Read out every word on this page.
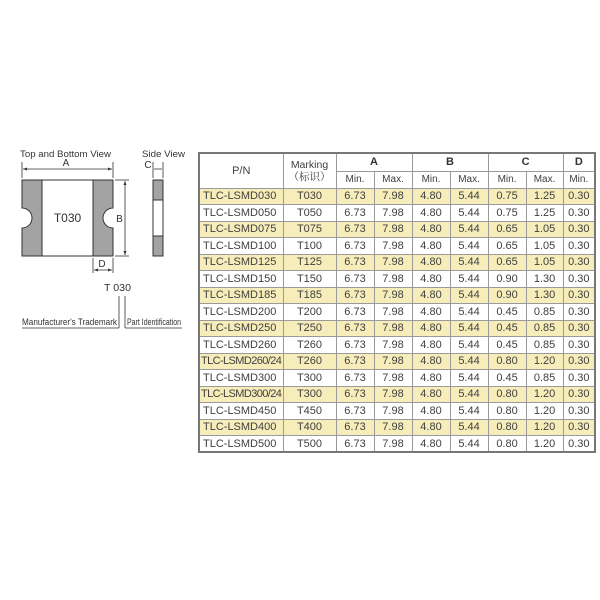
Top and Bottom View	Side View
A
T030	B
D
C
T 030
Manufacturer's Trademark Part Identification
P/N	Marking
（标识）	A		B		C		D
		Min.	Max.	Min.	Max.	Min.	Max.	Min.
TLC-LSMD030	T030	6.73	7.98	4.80	5.44	0.75	1.25	0.30
TLC-LSMD050	T050	6.73	7.98	4.80	5.44	0.75	1.25	0.30
TLC-LSMD075	T075	6.73	7.98	4.80	5.44	0.65	1.05	0.30
TLC-LSMD100	T100	6.73	7.98	4.80	5.44	0.65	1.05	0.30
TLC-LSMD125	T125	6.73	7.98	4.80	5.44	0.65	1.05	0.30
TLC-LSMD150	T150	6.73	7.98	4.80	5.44	0.90	1.30	0.30
TLC-LSMD185	T185	6.73	7.98	4.80	5.44	0.90	1.30	0.30
TLC-LSMD200	T200	6.73	7.98	4.80	5.44	0.45	0.85	0.30
TLC-LSMD250	T250	6.73	7.98	4.80	5.44	0.45	0.85	0.30
TLC-LSMD260	T260	6.73	7.98	4.80	5.44	0.45	0.85	0.30
TLC-LSMD260/24	T260	6.73	7.98	4.80	5.44	0.80	1.20	0.30
TLC-LSMD300	T300	6.73	7.98	4.80	5.44	0.45	0.85	0.30
TLC-LSMD300/24	T300	6.73	7.98	4.80	5.44	0.80	1.20	0.30
TLC-LSMD450	T450	6.73	7.98	4.80	5.44	0.80	1.20	0.30
TLC-LSMD400	T400	6.73	7.98	4.80	5.44	0.80	1.20	0.30
TLC-LSMD500	T500	6.73	7.98	4.80	5.44	0.80	1.20	0.30
